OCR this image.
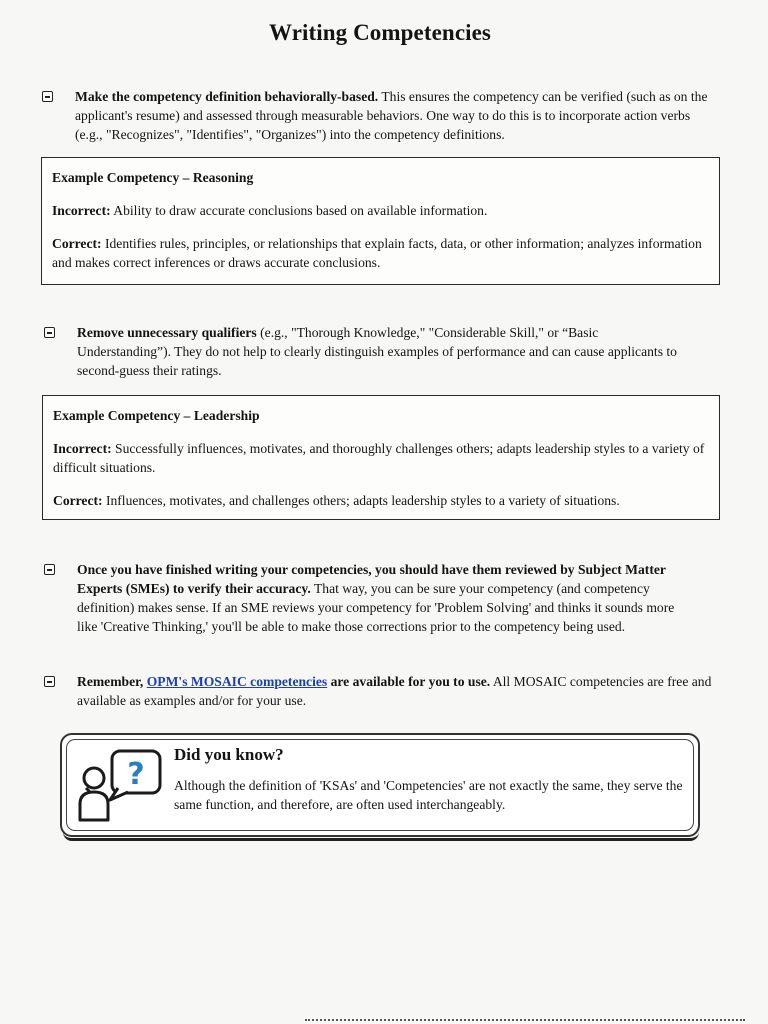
Writing Competencies
Make the competency definition behaviorally-based. This ensures the competency can be verified (such as on the applicant's resume) and assessed through measurable behaviors. One way to do this is to incorporate action verbs (e.g., "Recognizes", "Identifies", "Organizes") into the competency definitions.

Example Competency – Reasoning

Incorrect: Ability to draw accurate conclusions based on available information.

Correct: Identifies rules, principles, or relationships that explain facts, data, or other information; analyzes information and makes correct inferences or draws accurate conclusions.

Remove unnecessary qualifiers (e.g., "Thorough Knowledge," "Considerable Skill," or “Basic Understanding”). They do not help to clearly distinguish examples of performance and can cause applicants to second-guess their ratings.

Example Competency – Leadership

Incorrect: Successfully influences, motivates, and thoroughly challenges others; adapts leadership styles to a variety of difficult situations.

Correct: Influences, motivates, and challenges others; adapts leadership styles to a variety of situations.

Once you have finished writing your competencies, you should have them reviewed by Subject Matter Experts (SMEs) to verify their accuracy. That way, you can be sure your competency (and competency definition) makes sense. If an SME reviews your competency for 'Problem Solving' and thinks it sounds more like 'Creative Thinking,' you'll be able to make those corrections prior to the competency being used.
Remember, OPM's MOSAIC competencies are available for you to use. All MOSAIC competencies are free and available as examples and/or for your use.
?
Did you know?
Although the definition of 'KSAs' and 'Competencies' are not exactly the same, they serve the same function, and therefore, are often used interchangeably.
